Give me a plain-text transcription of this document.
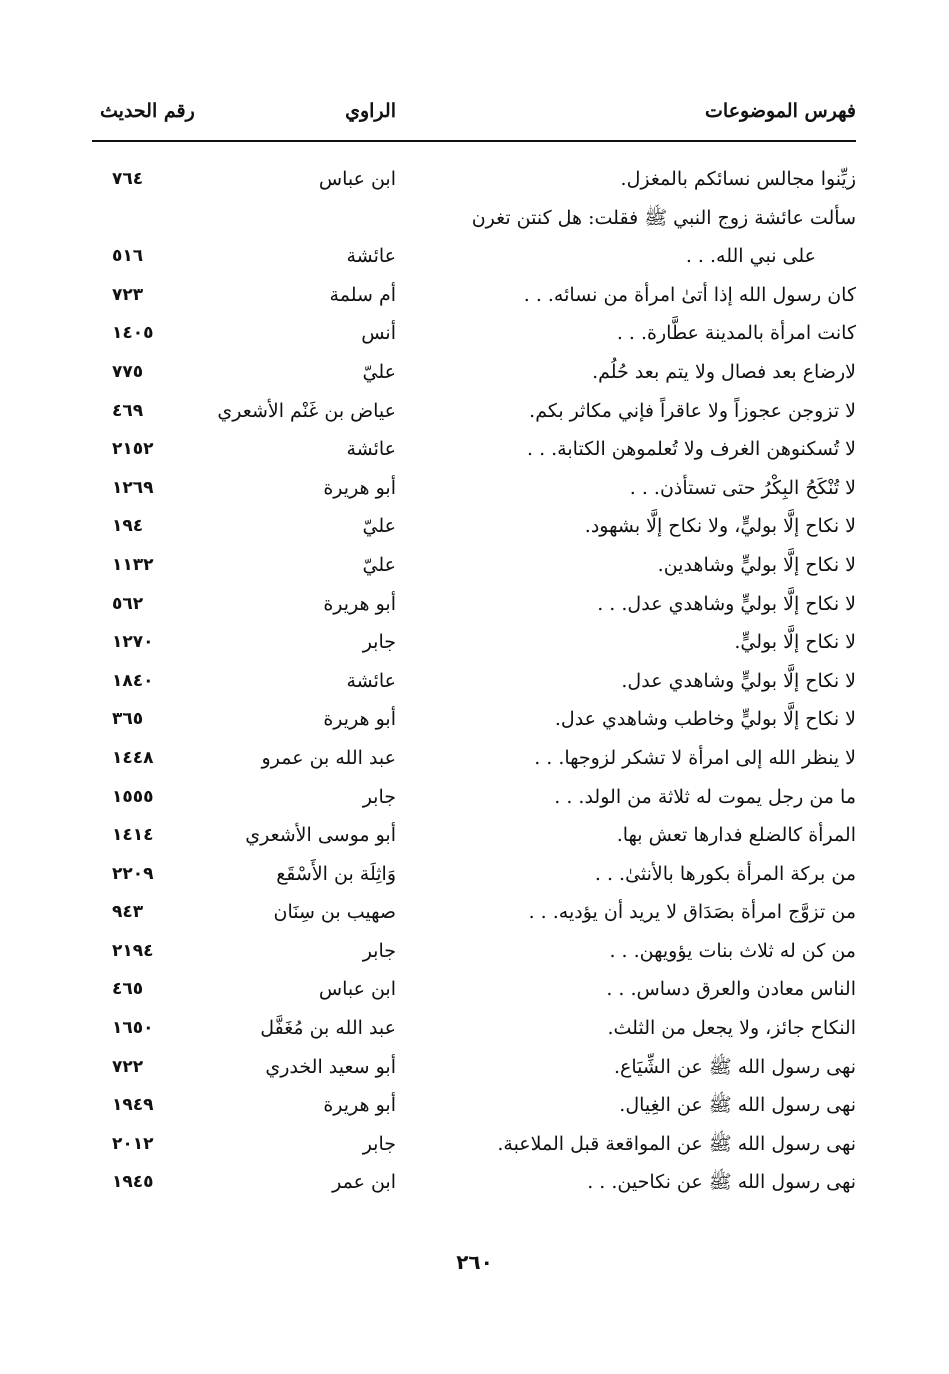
فهرس الموضوعات
الراوي
رقم الحديث
زيِّنوا مجالس نسائكم بالمغزل.
ابن عباس
٧٦٤
سألت عائشة زوج النبي ﷺ فقلت: هل كنتن تغرن
على نبي الله. . .
عائشة
٥١٦
كان رسول الله إذا أتىٰ امرأة من نسائه. . .
أم سلمة
٧٢٣
كانت امرأة بالمدينة عطَّارة. . .
أنس
١٤٠٥
لارضاع بعد فصال ولا يتم بعد حُلُم.
عليّ
٧٧٥
لا تزوجن عجوزاً ولا عاقراً فإني مكاثر بكم.
عياض بن غَنْم الأشعري
٤٦٩
لا تُسكنوهن الغرف ولا تُعلموهن الكتابة. . .
عائشة
٢١٥٢
لا تُنْكَحُ البِكْرُ حتى تستأذن. . .
أبو هريرة
١٢٦٩
لا نكاح إلَّا بوليٍّ، ولا نكاح إلَّا بشهود.
عليّ
١٩٤
لا نكاح إلَّا بوليٍّ وشاهدين.
عليّ
١١٣٢
لا نكاح إلَّا بوليٍّ وشاهدي عدل. . .
أبو هريرة
٥٦٢
لا نكاح إلَّا بوليٍّ.
جابر
١٢٧٠
لا نكاح إلَّا بوليٍّ وشاهدي عدل.
عائشة
١٨٤٠
لا نكاح إلَّا بوليٍّ وخاطب وشاهدي عدل.
أبو هريرة
٣٦٥
لا ينظر الله إلى امرأة لا تشكر لزوجها. . .
عبد الله بن عمرو
١٤٤٨
ما من رجل يموت له ثلاثة من الولد. . .
جابر
١٥٥٥
المرأة كالضلع فدارها تعش بها.
أبو موسى الأشعري
١٤١٤
من بركة المرأة بكورها بالأنثىٰ. . .
وَاثِلَة بن الأَسْقَع
٢٢٠٩
من تزوَّج امرأة بصَدَاق لا يريد أن يؤديه. . .
صهيب بن سِنَان
٩٤٣
من كن له ثلاث بنات يؤويهن. . .
جابر
٢١٩٤
الناس معادن والعرق دساس. . .
ابن عباس
٤٦٥
النكاح جائز، ولا يجعل من الثلث.
عبد الله بن مُغَفَّل
١٦٥٠
نهى رسول الله ﷺ عن الشِّيَاع.
أبو سعيد الخدري
٧٢٢
نهى رسول الله ﷺ عن الغِيال.
أبو هريرة
١٩٤٩
نهى رسول الله ﷺ عن المواقعة قبل الملاعبة.
جابر
٢٠١٢
نهى رسول الله ﷺ عن نكاحين. . .
ابن عمر
١٩٤٥
٢٦٠
